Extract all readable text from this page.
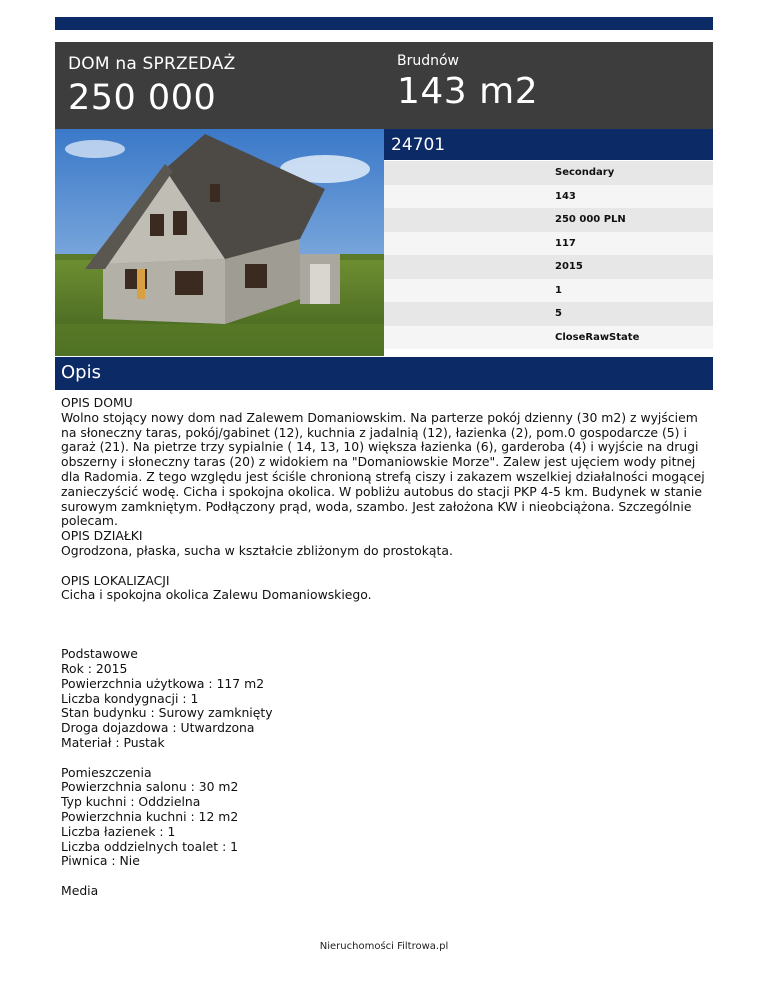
DOM na SPRZEDAŻ
250 000
Brudnów
143 m2
24701
Secondary
143
250 000 PLN
117
2015
1
5
CloseRawState
Opis

OPIS DOMU

Wolno stojący nowy dom nad Zalewem Domaniowskim. Na parterze pokój dzienny (30 m2) z wyjściem na słoneczny taras, pokój/gabinet (12), kuchnia z jadalnią (12), łazienka (2), pom.0 gospodarcze (5) i garaż (21). Na pietrze trzy sypialnie ( 14, 13, 10) większa łazienka (6), garderoba (4) i wyjście na drugi obszerny i słoneczny taras (20) z widokiem na "Domaniowskie Morze". Zalew jest ujęciem wody pitnej dla Radomia. Z tego względu jest ściśle chronioną strefą ciszy i zakazem wszelkiej działalności mogącej zanieczyścić wodę. Cicha i spokojna okolica. W pobliżu autobus do stacji PKP 4-5 km. Budynek w stanie surowym zamkniętym. Podłączony prąd, woda, szambo. Jest założona KW i nieobciążona. Szczególnie polecam.

OPIS DZIAŁKI

Ogrodzona, płaska, sucha w kształcie zbliżonym do prostokąta.

OPIS LOKALIZACJI

Cicha i spokojna okolica Zalewu Domaniowskiego.

Podstawowe

Rok : 2015

Powierzchnia użytkowa : 117 m2

Liczba kondygnacji : 1

Stan budynku : Surowy zamknięty

Droga dojazdowa : Utwardzona

Materiał : Pustak

Pomieszczenia

Powierzchnia salonu : 30 m2

Typ kuchni : Oddzielna

Powierzchnia kuchni : 12 m2

Liczba łazienek : 1

Liczba oddzielnych toalet : 1

Piwnica : Nie

Media

Nieruchomości Filtrowa.pl
